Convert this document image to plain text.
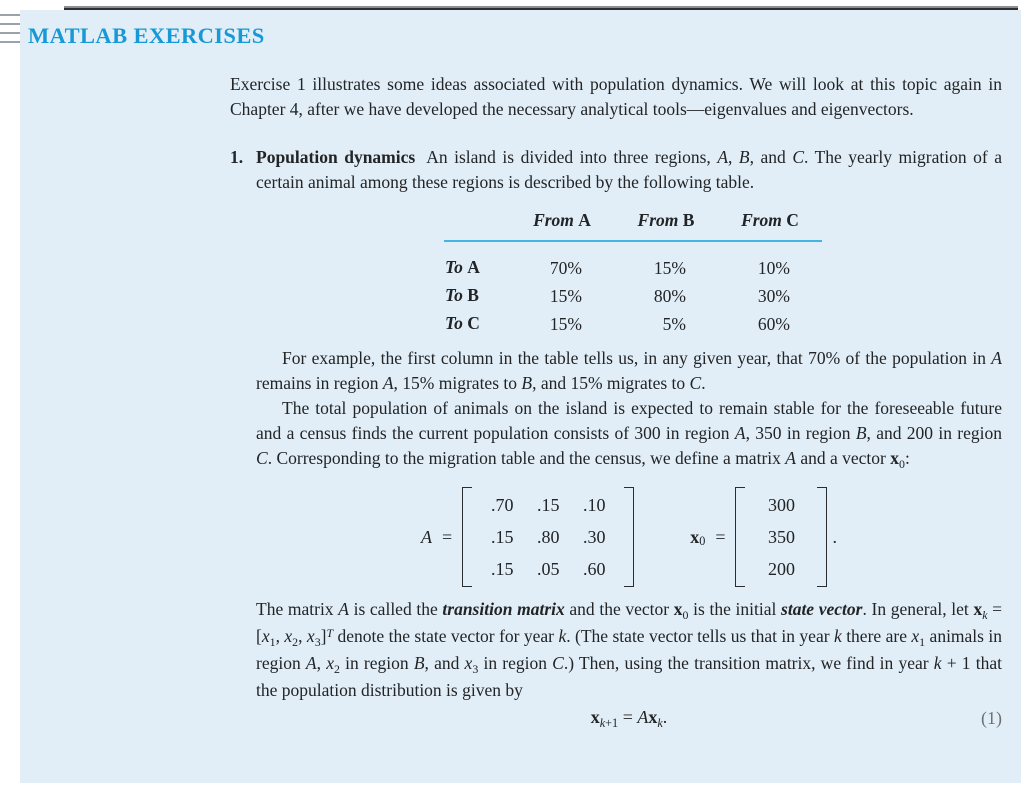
MATLAB EXERCISES

Exercise 1 illustrates some ideas associated with population dynamics. We will look at this topic again in Chapter 4, after we have developed the necessary analytical tools—eigenvalues and eigenvectors.

1. Population dynamics An island is divided into three regions, A, B, and C. The yearly migration of a certain animal among these regions is described by the following table.

	From A	From B	From C
To A	70%	15%	10%
To B	15%	80%	30%
To C	15%	5%	60%

For example, the first column in the table tells us, in any given year, that 70% of the population in A remains in region A, 15% migrates to B, and 15% migrates to C.

The total population of animals on the island is expected to remain stable for the foreseeable future and a census finds the current population consists of 300 in region A, 350 in region B, and 200 in region C. Corresponding to the migration table and the census, we define a matrix A and a vector $x_0$:

A =
.70	.15	.10
.15	.80	.30
.15	.05	.60
x 0 =
300
350
200
.

The matrix A is called the transition matrix and the vector $x_0$ is the initial state vector. In general, let $x_k = [x_1$, $x_2$, $x_3]^T$ denote the state vector for year k. (The state vector tells us that in year k there are $x_1$ animals in region A, $x_2$ in region B, and $x_3$ in region C.) Then, using the transition matrix, we find in year k + 1 that the population distribution is given by

$x_{k+1} = Ax_k$.	(1)
